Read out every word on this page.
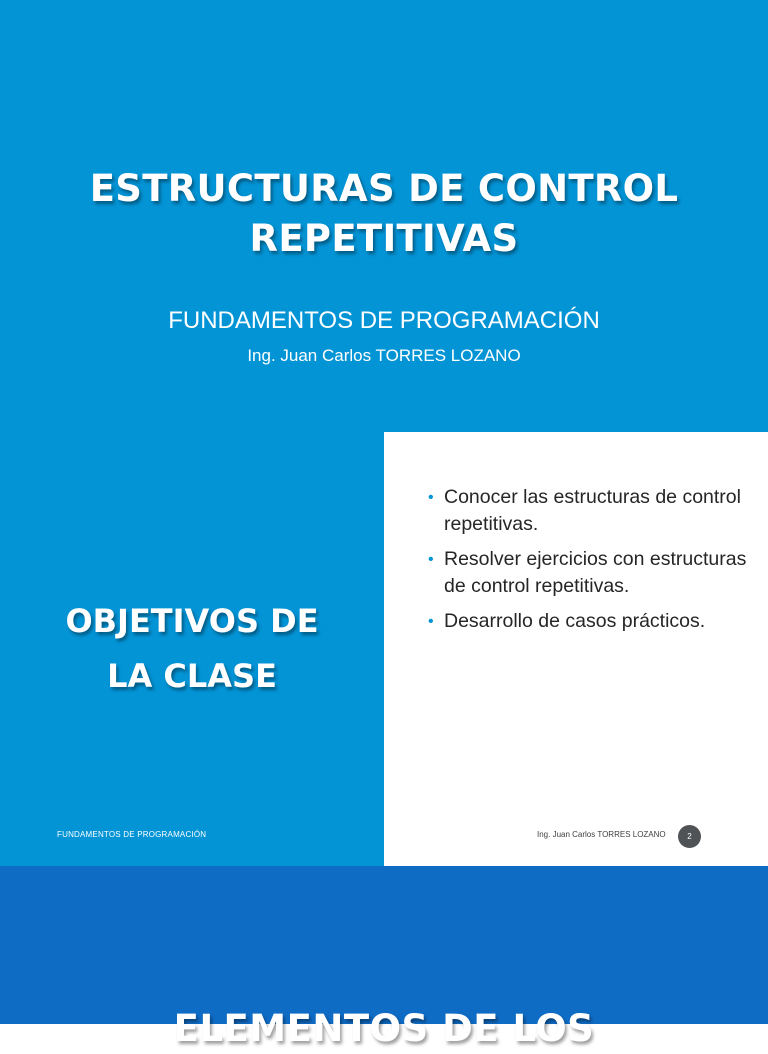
ESTRUCTURAS DE CONTROL
REPETITIVAS
FUNDAMENTOS DE PROGRAMACIÓN
Ing. Juan Carlos TORRES LOZANO
OBJETIVOS DE
LA CLASE
FUNDAMENTOS DE PROGRAMACIÓN
• Conocer las estructuras de control repetitivas.
• Resolver ejercicios con estructuras de control repetitivas.
• Desarrollo de casos prácticos.
Ing. Juan Carlos TORRES LOZANO	2
ELEMENTOS DE LOS
